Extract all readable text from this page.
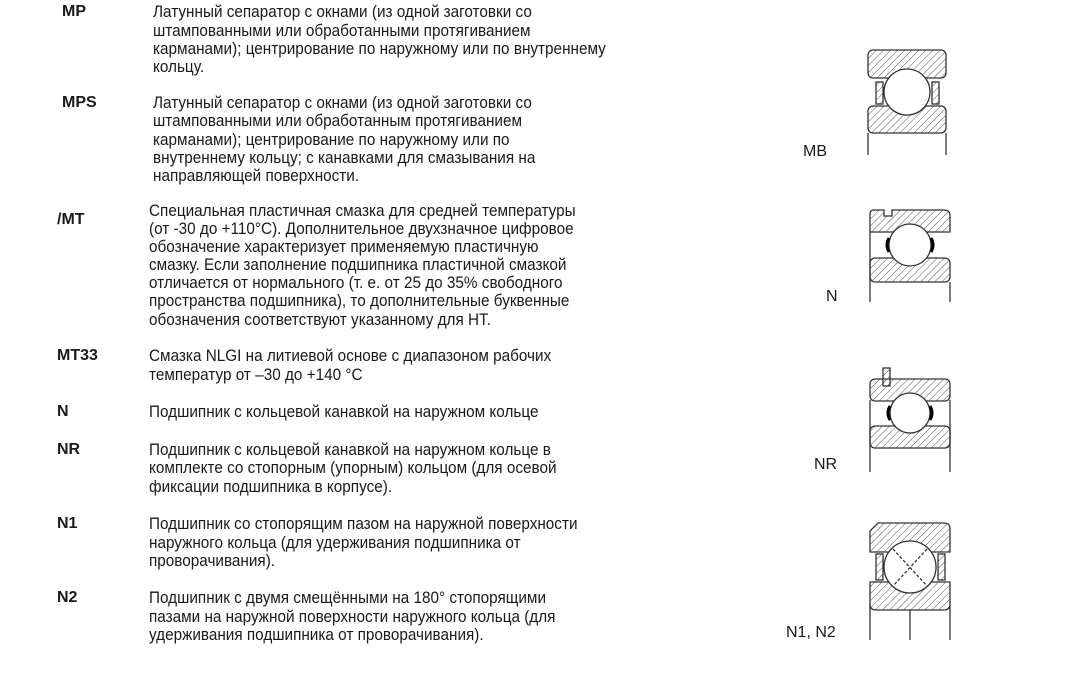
MP	Латунный сепаратор с окнами (из одной заготовки со
штампованными или обработанными протягиванием
карманами); центрирование по наружному или по внутреннему
кольцу.
MPS	Латунный сепаратор с окнами (из одной заготовки со
штампованными или обработанным протягиванием
карманами); центрирование по наружному или по
внутреннему кольцу; с канавками для смазывания на
направляющей поверхности.
/MT	Специальная пластичная смазка для средней температуры
(от -30 до +110°C). Дополнительное двухзначное цифровое
обозначение характеризует применяемую пластичную
смазку. Если заполнение подшипника пластичной смазкой
отличается от нормального (т. е. от 25 до 35% свободного
пространства подшипника), то дополнительные буквенные
обозначения соответствуют указанному для HT.
MT33	Смазка NLGI на литиевой основе с диапазоном рабочих
температур от –30 до +140 °C
N	Подшипник с кольцевой канавкой на наружном кольце
NR	Подшипник с кольцевой канавкой на наружном кольце в
комплекте со стопорным (упорным) кольцом (для осевой
фиксации подшипника в корпусе).
N1	Подшипник со стопорящим пазом на наружной поверхности
наружного кольца (для удерживания подшипника от
проворачивания).
N2	Подшипник с двумя смещёнными на 180° стопорящими
пазами на наружной поверхности наружного кольца (для
удерживания подшипника от проворачивания).
MB
N
NR
N1, N2
